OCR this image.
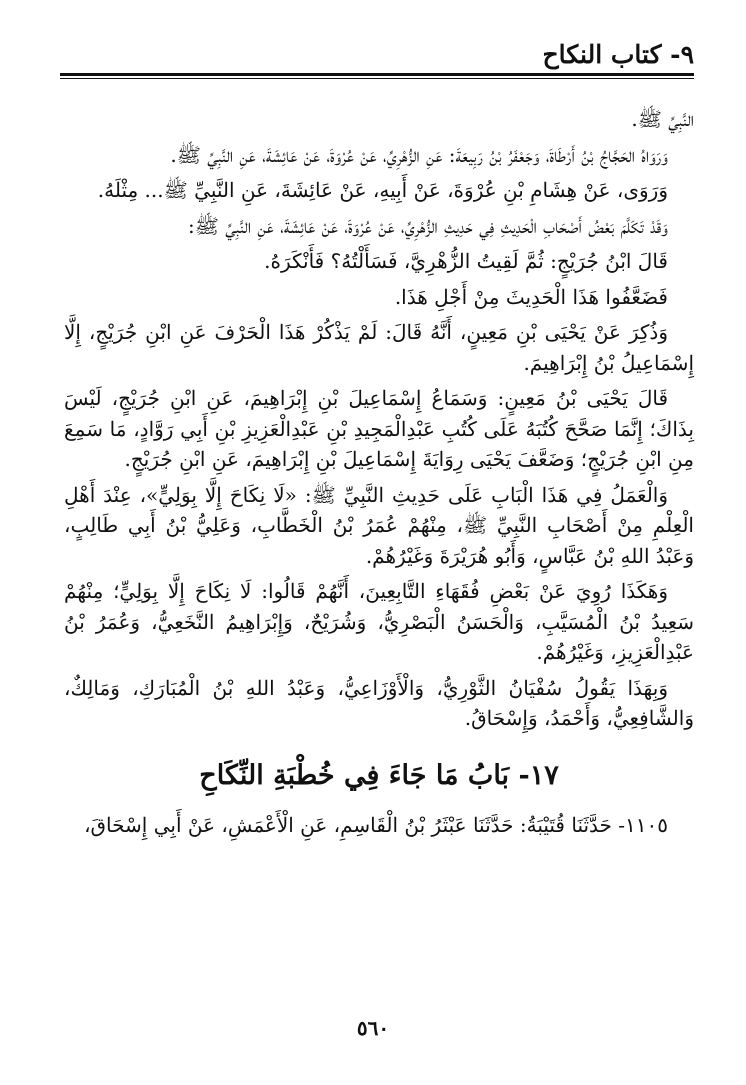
٩- كتاب النكاح

النَّبِيِّ ﷺ.

وَرَوَاهُ الحَجَّاجُ بْنُ أَرْطَاةَ، وَجَعْفَرُ بْنُ رَبِيعَةَ: عَنِ الزُّهْرِيِّ، عَنْ عُرْوَةَ، عَنْ عَائِشَةَ، عَنِ النَّبِيِّ ﷺ.

وَرَوَى، عَنْ هِشَامِ بْنِ عُرْوَةَ، عَنْ أَبِيهِ، عَنْ عَائِشَةَ، عَنِ النَّبِيِّ ﷺ... مِثْلَهُ.

وَقَدْ تَكَلَّمَ بَعْضُ أَصْحَابِ الْحَدِيثِ فِي حَدِيثِ الزُّهْرِيِّ، عَنْ عُرْوَةَ، عَنْ عَائِشَةَ، عَنِ النَّبِيِّ ﷺ:

قَالَ ابْنُ جُرَيْجٍ: ثُمَّ لَقِيتُ الزُّهْرِيَّ، فَسَأَلْتُهُ؟ فَأَنْكَرَهُ.

فَضَعَّفُوا هَذَا الْحَدِيثَ مِنْ أَجْلِ هَذَا.

وَذُكِرَ عَنْ يَحْيَى بْنِ مَعِينٍ، أَنَّهُ قَالَ: لَمْ يَذْكُرْ هَذَا الْحَرْفَ عَنِ ابْنِ جُرَيْجٍ، إِلَّا إِسْمَاعِيلُ بْنُ إِبْرَاهِيمَ.

قَالَ يَحْيَى بْنُ مَعِينٍ: وَسَمَاعُ إِسْمَاعِيلَ بْنِ إِبْرَاهِيمَ، عَنِ ابْنِ جُرَيْجٍ، لَيْسَ بِذَاكَ؛ إِنَّمَا صَحَّحَ كُتُبَهُ عَلَى كُتُبِ عَبْدِالْمَجِيدِ بْنِ عَبْدِالْعَزِيزِ بْنِ أَبِي رَوَّادٍ، مَا سَمِعَ مِنِ ابْنِ جُرَيْجٍ؛ وَضَعَّفَ يَحْيَى رِوَايَةَ إِسْمَاعِيلَ بْنِ إِبْرَاهِيمَ، عَنِ ابْنِ جُرَيْجٍ.

وَالْعَمَلُ فِي هَذَا الْبَابِ عَلَى حَدِيثِ النَّبِيِّ ﷺ: «لَا نِكَاحَ إِلَّا بِوَلِيٍّ»، عِنْدَ أَهْلِ الْعِلْمِ مِنْ أَصْحَابِ النَّبِيِّ ﷺ، مِنْهُمْ عُمَرُ بْنُ الْخَطَّابِ، وَعَلِيُّ بْنُ أَبِي طَالِبٍ، وَعَبْدُ اللهِ بْنُ عَبَّاسٍ، وَأَبُو هُرَيْرَةَ وَغَيْرُهُمْ.

وَهَكَذَا رُوِيَ عَنْ بَعْضِ فُقَهَاءِ التَّابِعِينَ، أَنَّهُمْ قَالُوا: لَا نِكَاحَ إِلَّا بِوَلِيٍّ؛ مِنْهُمْ سَعِيدُ بْنُ الْمُسَيَّبِ، وَالْحَسَنُ الْبَصْرِيُّ، وَشُرَيْحٌ، وَإِبْرَاهِيمُ النَّخَعِيُّ، وَعُمَرُ بْنُ عَبْدِالْعَزِيزِ، وَغَيْرُهُمْ.

وَبِهَذَا يَقُولُ سُفْيَانُ الثَّوْرِيُّ، وَالْأَوْزَاعِيُّ، وَعَبْدُ اللهِ بْنُ الْمُبَارَكِ، وَمَالِكٌ، وَالشَّافِعِيُّ، وَأَحْمَدُ، وَإِسْحَاقُ.

١٧- بَابُ مَا جَاءَ فِي خُطْبَةِ النِّكَاحِ

١١٠٥- حَدَّثَنَا قُتَيْبَةُ: حَدَّثَنَا عَبْثَرُ بْنُ الْقَاسِمِ، عَنِ الْأَعْمَشِ، عَنْ أَبِي إِسْحَاقَ،

٥٦٠
